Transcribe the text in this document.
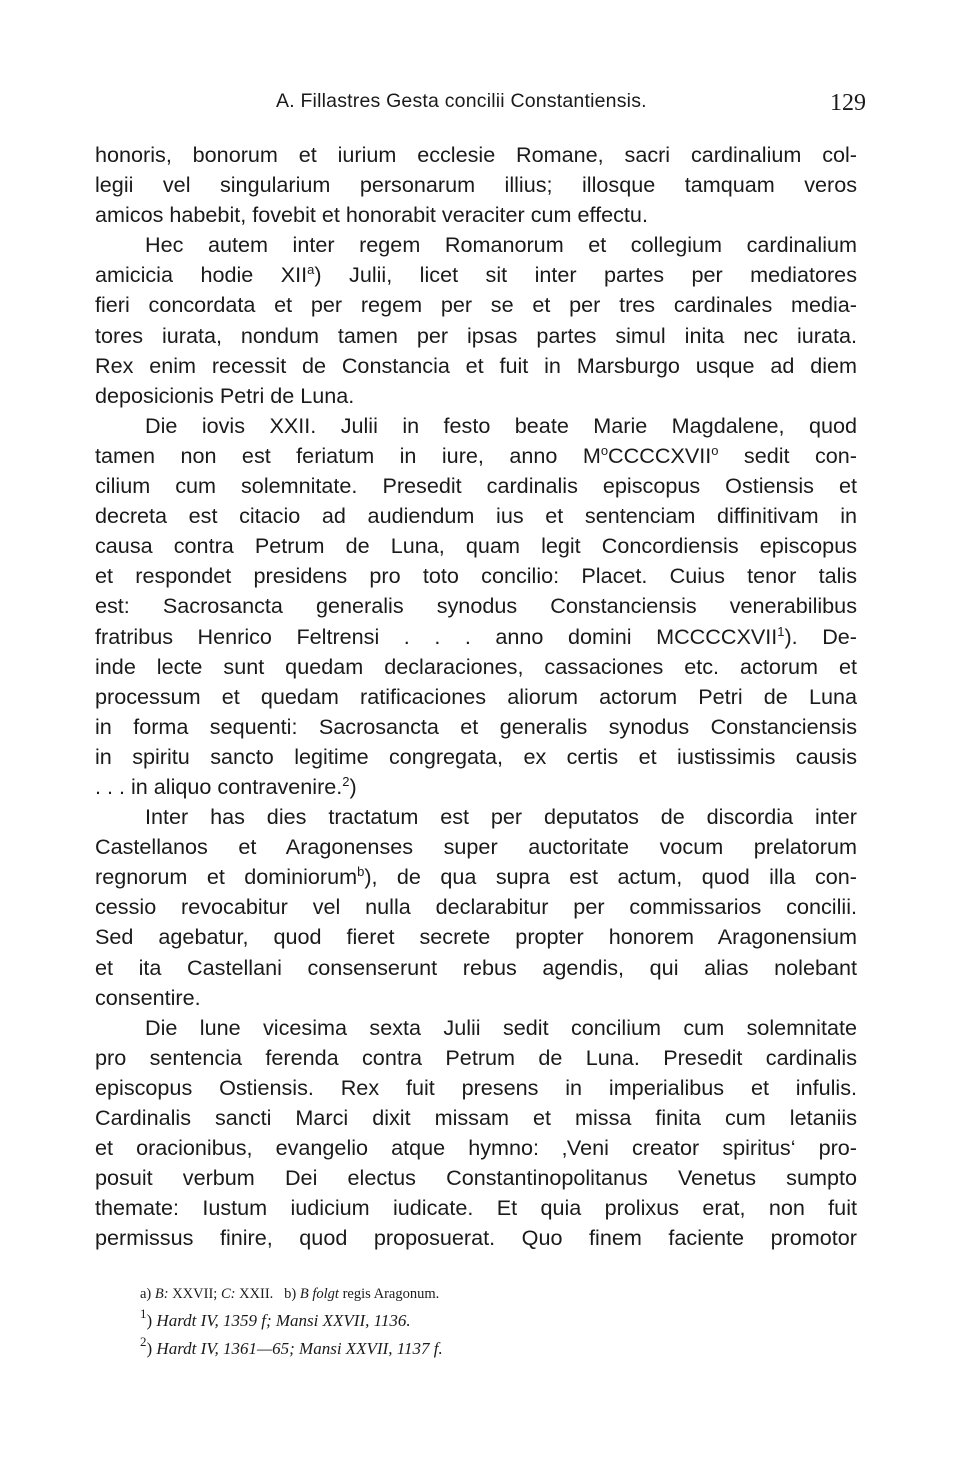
A. Fillastres Gesta concilii Constantiensis.	129
honoris, bonorum et iurium ecclesie Romane, sacri cardinalium col-
legii vel singularium personarum illius; illosque tamquam veros
amicos habebit, fovebit et honorabit veraciter cum effectu.
Hec autem inter regem Romanorum et collegium cardinalium
amicicia hodie XII$^a$) Julii, licet sit inter partes per mediatores
fieri concordata et per regem per se et per tres cardinales media-
tores iurata, nondum tamen per ipsas partes simul inita nec iurata.
Rex enim recessit de Constancia et fuit in Marsburgo usque ad diem
deposicionis Petri de Luna.
Die iovis XXII. Julii in festo beate Marie Magdalene, quod
tamen non est feriatum in iure, anno $M^oCCCCXVII^o$ sedit con-
cilium cum solemnitate. Presedit cardinalis episcopus Ostiensis et
decreta est citacio ad audiendum ius et sentenciam diffinitivam in
causa contra Petrum de Luna, quam legit Concordiensis episcopus
et respondet presidens pro toto concilio: Placet. Cuius tenor talis
est: Sacrosancta generalis synodus Constanciensis venerabilibus
fratribus Henrico Feltrensi . . . anno domini MCCCCXVII$^1$). De-
inde lecte sunt quedam declaraciones, cassaciones etc. actorum et
processum et quedam ratificaciones aliorum actorum Petri de Luna
in forma sequenti: Sacrosancta et generalis synodus Constanciensis
in spiritu sancto legitime congregata, ex certis et iustissimis causis
. . . in aliquo contravenire.$^2$)
Inter has dies tractatum est per deputatos de discordia inter
Castellanos et Aragonenses super auctoritate vocum prelatorum
regnorum et dominiorum$^b$), de qua supra est actum, quod illa con-
cessio revocabitur vel nulla declarabitur per commissarios concilii.
Sed agebatur, quod fieret secrete propter honorem Aragonensium
et ita Castellani consenserunt rebus agendis, qui alias nolebant
consentire.
Die lune vicesima sexta Julii sedit concilium cum solemnitate
pro sentencia ferenda contra Petrum de Luna. Presedit cardinalis
episcopus Ostiensis. Rex fuit presens in imperialibus et infulis.
Cardinalis sancti Marci dixit missam et missa finita cum letaniis
et oracionibus, evangelio atque hymno: ‚Veni creator spiritus‘ pro-
posuit verbum Dei electus Constantinopolitanus Venetus sumpto
themate: Iustum iudicium iudicate. Et quia prolixus erat, non fuit
permissus finire, quod proposuerat. Quo finem faciente promotor
a) B: XXVII; C: XXII. b) B folgt regis Aragonum.
$^1$) Hardt IV, 1359 f; Mansi XXVII, 1136.
$^2$) Hardt IV, 1361—65; Mansi XXVII, 1137 f.
